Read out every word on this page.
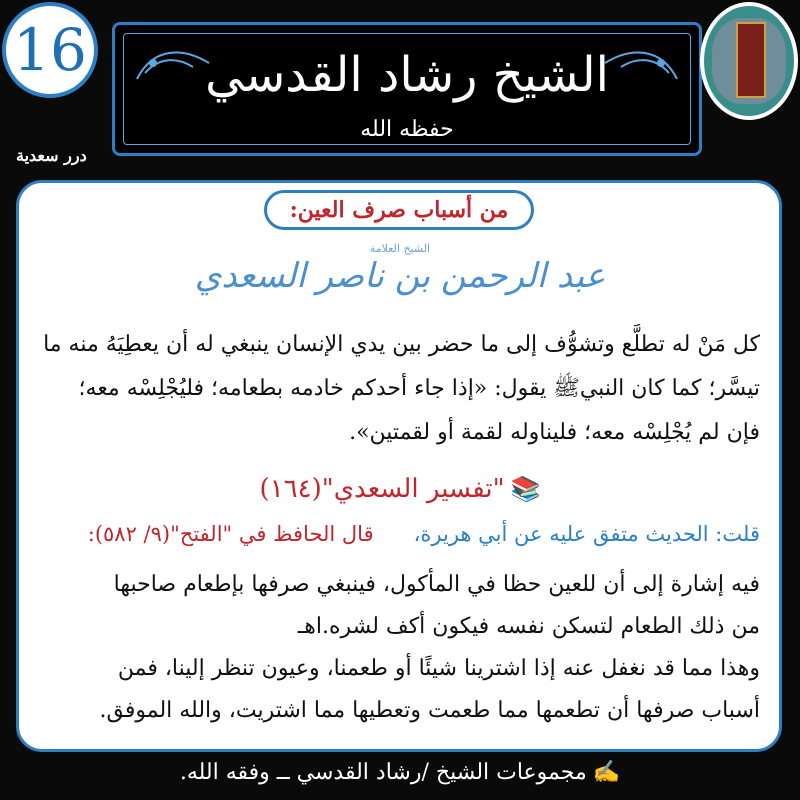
16	الشيخ رشاد القدسي
حفظه الله
درر سعدية
من أسباب صرف العين:
الشيخ العلامة
عبد الرحمن بن ناصر السعدي
كل مَنْ له تطلَّع وتشوُّف إلى ما حضر بين يدي الإنسان ينبغي له أن يعطِيَهُ منه ما
تيسَّر؛ كما كان النبيﷺ يقول: «إذا جاء أحدكم خادمه بطعامه؛ فليُجْلِسْه معه؛
فإن لم يُجْلِسْه معه؛ فليناوله لقمة أو لقمتين».
📚"تفسير السعدي"(١٦٤)
قلت: الحديث متفق عليه عن أبي هريرة،قال الحافظ في "الفتح"(٩/ ٥٨٢):
فيه إشارة إلى أن للعين حظا في المأكول، فينبغي صرفها بإطعام صاحبها
من ذلك الطعام لتسكن نفسه فيكون أكف لشره.اهـ
وهذا مما قد نغفل عنه إذا اشترينا شيئًا أو طعمنا، وعيون تنظر إلينا، فمن
أسباب صرفها أن تطعمها مما طعمت وتعطيها مما اشتريت، والله الموفق.
✍مجموعات الشيخ /رشاد القدسي ــ وفقه الله.
